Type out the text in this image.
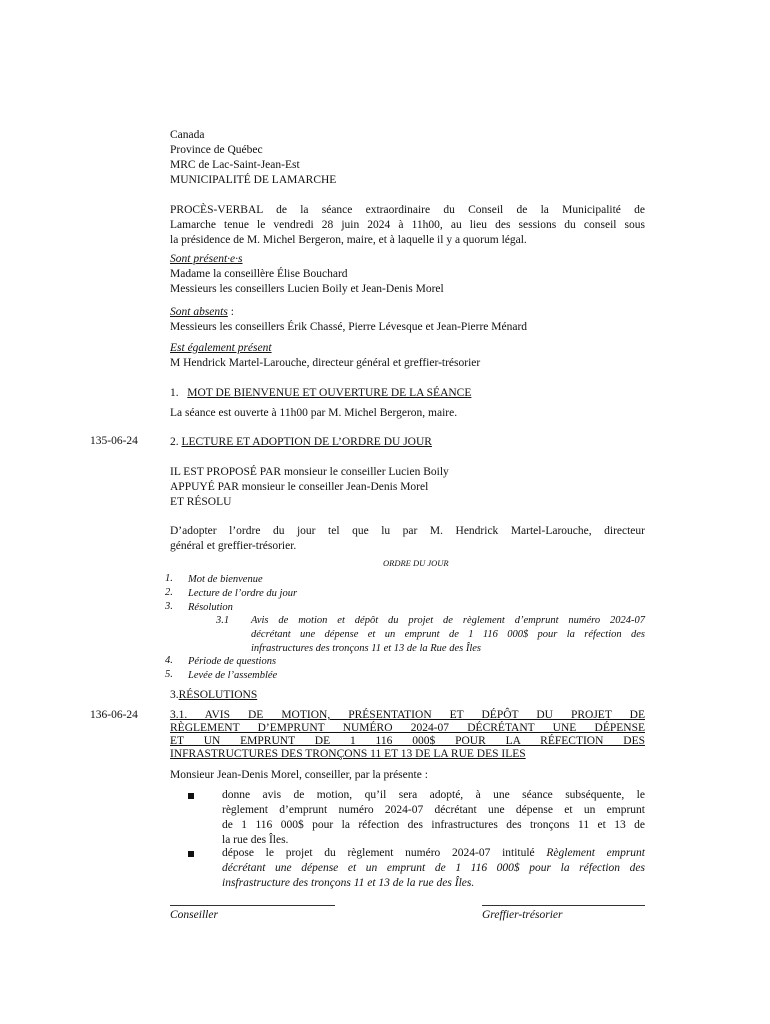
Canada
Province de Québec
MRC de Lac-Saint-Jean-Est
MUNICIPALITÉ DE LAMARCHE
PROCÈS-VERBAL de la séance extraordinaire du Conseil de la Municipalité de
Lamarche tenue le vendredi 28 juin 2024 à 11h00, au lieu des sessions du conseil sous
la présidence de M. Michel Bergeron, maire, et à laquelle il y a quorum légal.
Sont présent·e·s
Madame la conseillère Élise Bouchard
Messieurs les conseillers Lucien Boily et Jean-Denis Morel
Sont absents :
Messieurs les conseillers Érik Chassé, Pierre Lévesque et Jean-Pierre Ménard
Est également présent
M Hendrick Martel-Larouche, directeur général et greffier-trésorier
1. MOT DE BIENVENUE ET OUVERTURE DE LA SÉANCE
La séance est ouverte à 11h00 par M. Michel Bergeron, maire.
135-06-24	2. LECTURE ET ADOPTION DE L’ORDRE DU JOUR
IL EST PROPOSÉ PAR monsieur le conseiller Lucien Boily
APPUYÉ PAR monsieur le conseiller Jean-Denis Morel
ET RÉSOLU
D’adopter l’ordre du jour tel que lu par M. Hendrick Martel-Larouche, directeur
général et greffier-trésorier.
ORDRE DU JOUR
1. Mot de bienvenue
2. Lecture de l’ordre du jour
3. Résolution
3.1 Avis de motion et dépôt du projet de règlement d’emprunt numéro 2024-07
décrétant une dépense et un emprunt de 1 116 000$ pour la réfection des
infrastructures des tronçons 11 et 13 de la Rue des Îles
4. Période de questions
5. Levée de l’assemblée
3.RÉSOLUTIONS
136-06-24	3.1. AVIS DE MOTION, PRÉSENTATION ET DÉPÔT DU PROJET DE
RÈGLEMENT D’EMPRUNT NUMÉRO 2024-07 DÉCRÉTANT UNE DÉPENSE
ET UN EMPRUNT DE 1 116 000$ POUR LA RÉFECTION DES
INFRASTRUCTURES DES TRONÇONS 11 ET 13 DE LA RUE DES ILES
Monsieur Jean-Denis Morel, conseiller, par la présente :
donne avis de motion, qu’il sera adopté, à une séance subséquente, le
règlement d’emprunt numéro 2024-07 décrétant une dépense et un emprunt
de 1 116 000$ pour la réfection des infrastructures des tronçons 11 et 13 de
la rue des Îles.
dépose le projet du règlement numéro 2024-07 intitulé Règlement emprunt
décrétant une dépense et un emprunt de 1 116 000$ pour la réfection des
insfrastructure des tronçons 11 et 13 de la rue des Îles.
Conseiller	Greffier-trésorier
